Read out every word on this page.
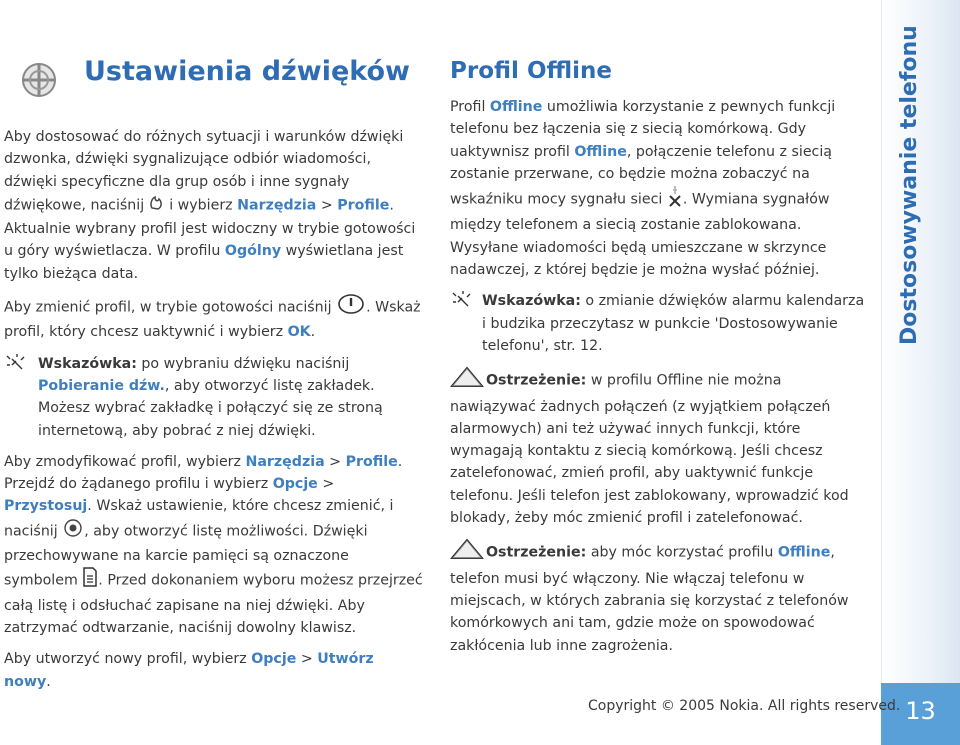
Ustawienia dźwięków

Aby dostosować do różnych sytuacji i warunków dźwięki dzwonka, dźwięki sygnalizujące odbiór wiadomości, dźwięki specyficzne dla grup osób i inne sygnały dźwiękowe, naciśnij  i wybierz Narzędzia > Profile. Aktualnie wybrany profil jest widoczny w trybie gotowości u góry wyświetlacza. W profilu Ogólny wyświetlana jest tylko bieżąca data.

Aby zmienić profil, w trybie gotowości naciśnij . Wskaż profil, który chcesz uaktywnić i wybierz OK.

Wskazówka: po wybraniu dźwięku naciśnij Pobieranie dźw., aby otworzyć listę zakładek. Możesz wybrać zakładkę i połączyć się ze stroną internetową, aby pobrać z niej dźwięki.

Aby zmodyfikować profil, wybierz Narzędzia > Profile. Przejdź do żądanego profilu i wybierz Opcje > Przystosuj. Wskaż ustawienie, które chcesz zmienić, i naciśnij , aby otworzyć listę możliwości. Dźwięki przechowywane na karcie pamięci są oznaczone symbolem . Przed dokonaniem wyboru możesz przejrzeć całą listę i odsłuchać zapisane na niej dźwięki. Aby zatrzymać odtwarzanie, naciśnij dowolny klawisz.

Aby utworzyć nowy profil, wybierz Opcje > Utwórz nowy.

Profil Offline

Profil Offline umożliwia korzystanie z pewnych funkcji telefonu bez łączenia się z siecią komórkową. Gdy uaktywnisz profil Offline, połączenie telefonu z siecią zostanie przerwane, co będzie można zobaczyć na wskaźniku mocy sygnału sieci . Wymiana sygnałów między telefonem a siecią zostanie zablokowana. Wysyłane wiadomości będą umieszczane w skrzynce nadawczej, z której będzie je można wysłać później.

Wskazówka: o zmianie dźwięków alarmu kalendarza i budzika przeczytasz w punkcie 'Dostosowywanie telefonu', str. 12.
Ostrzeżenie: w profilu Offline nie można nawiązywać żadnych połączeń (z wyjątkiem połączeń alarmowych) ani też używać innych funkcji, które wymagają kontaktu z siecią komórkową. Jeśli chcesz zatelefonować, zmień profil, aby uaktywnić funkcje telefonu. Jeśli telefon jest zablokowany, wprowadzić kod blokady, żeby móc zmienić profil i zatelefonować.
Ostrzeżenie: aby móc korzystać profilu Offline, telefon musi być włączony. Nie włączaj telefonu w miejscach, w których zabrania się korzystać z telefonów komórkowych ani tam, gdzie może on spowodować zakłócenia lub inne zagrożenia.
Dostosowywanie telefonu
13
Copyright © 2005 Nokia. All rights reserved.
